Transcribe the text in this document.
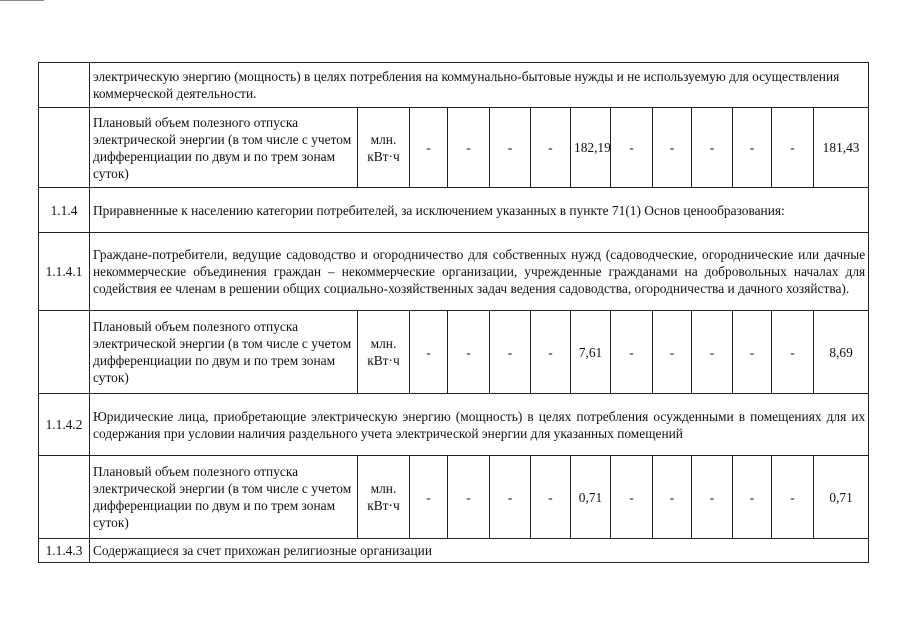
	электрическую энергию (мощность) в целях потребления на коммунально-бытовые нужды и не используемую для осуществления коммерческой деятельности.												
	Плановый объем полезного отпуска электрической энергии (в том числе с учетом дифференциации по двум и по трем зонам суток)	млн. кВт·ч	-	-	-	-	182,19	-	-	-	-	-	181,43
1.1.4	Приравненные к населению категории потребителей, за исключением указанных в пункте 71(1) Основ ценообразования:												
1.1.4.1	Граждане-потребители, ведущие садоводство и огородничество для собственных нужд (садоводческие, огороднические или дачные некоммерческие объединения граждан – некоммерческие организации, учрежденные гражданами на добровольных началах для содействия ее членам в решении общих социально-хозяйственных задач ведения садоводства, огородничества и дачного хозяйства).												
	Плановый объем полезного отпуска электрической энергии (в том числе с учетом дифференциации по двум и по трем зонам суток)	млн. кВт·ч	-	-	-	-	7,61	-	-	-	-	-	8,69
1.1.4.2	Юридические лица, приобретающие электрическую энергию (мощность) в целях потребления осужденными в помещениях для их содержания при условии наличия раздельного учета электрической энергии для указанных помещений												
	Плановый объем полезного отпуска электрической энергии (в том числе с учетом дифференциации по двум и по трем зонам суток)	млн. кВт·ч	-	-	-	-	0,71	-	-	-	-	-	0,71
1.1.4.3	Содержащиеся за счет прихожан религиозные организации												
